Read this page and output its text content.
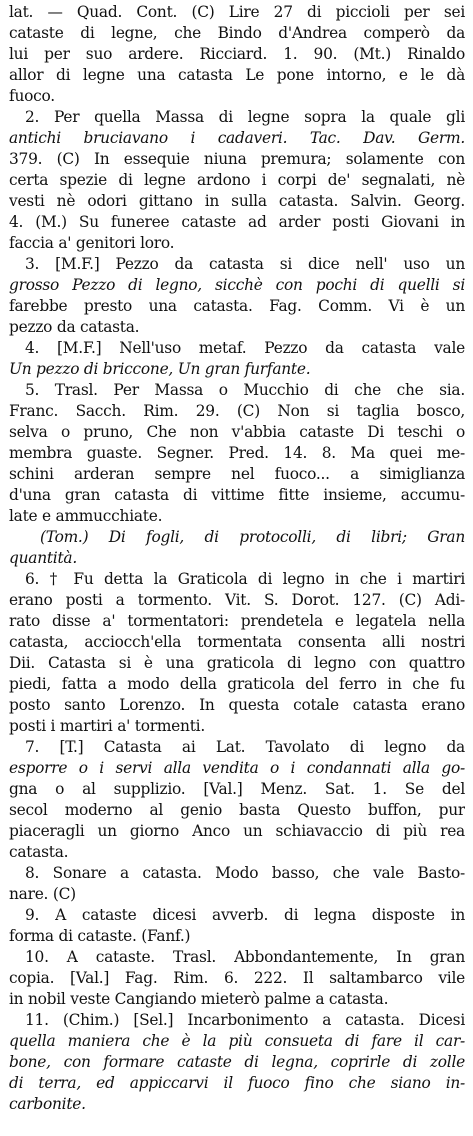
lat. — Quad. Cont. (C) Lire 27 di piccioli per sei
cataste di legne, che Bindo d'Andrea comperò da
lui per suo ardere. Ricciard. 1. 90. (Mt.) Rinaldo
allor di legne una catasta Le pone intorno, e le dà
fuoco.
2. Per quella Massa di legne sopra la quale gli
antichi bruciavano i cadaveri. Tac. Dav. Germ.
379. (C) In essequie niuna premura; solamente con
certa spezie di legne ardono i corpi de' segnalati, nè
vesti nè odori gittano in sulla catasta. Salvin. Georg.
4. (M.) Su funeree cataste ad arder posti Giovani in
faccia a' genitori loro.
3. [M.F.] Pezzo da catasta si dice nell' uso un
grosso Pezzo di legno, sicchè con pochi di quelli si
farebbe presto una catasta. Fag. Comm. Vi è un
pezzo da catasta.
4. [M.F.] Nell'uso metaf. Pezzo da catasta vale
Un pezzo di briccone, Un gran furfante.
5. Trasl. Per Massa o Mucchio di che che sia.
Franc. Sacch. Rim. 29. (C) Non si taglia bosco,
selva o pruno, Che non v'abbia cataste Di teschi o
membra guaste. Segner. Pred. 14. 8. Ma quei me-
schini arderan sempre nel fuoco... a simiglianza
d'una gran catasta di vittime fitte insieme, accumu-
late e ammucchiate.
(Tom.) Di fogli, di protocolli, di libri; Gran
quantità.
6. † Fu detta la Graticola di legno in che i martiri
erano posti a tormento. Vit. S. Dorot. 127. (C) Adi-
rato disse a' tormentatori: prendetela e legatela nella
catasta, acciocch'ella tormentata consenta alli nostri
Dii. Catasta si è una graticola di legno con quattro
piedi, fatta a modo della graticola del ferro in che fu
posto santo Lorenzo. In questa cotale catasta erano
posti i martiri a' tormenti.
7. [T.] Catasta ai Lat. Tavolato di legno da
esporre o i servi alla vendita o i condannati alla go-
gna o al supplizio. [Val.] Menz. Sat. 1. Se del
secol moderno al genio basta Questo buffon, pur
piaceragli un giorno Anco un schiavaccio di più rea
catasta.
8. Sonare a catasta. Modo basso, che vale Basto-
nare. (C)
9. A cataste dicesi avverb. di legna disposte in
forma di cataste. (Fanf.)
10. A cataste. Trasl. Abbondantemente, In gran
copia. [Val.] Fag. Rim. 6. 222. Il saltambarco vile
in nobil veste Cangiando mieterò palme a catasta.
11. (Chim.) [Sel.] Incarbonimento a catasta. Dicesi
quella maniera che è la più consueta di fare il car-
bone, con formare cataste di legna, coprirle di zolle
di terra, ed appiccarvi il fuoco fino che siano in-
carbonite.
